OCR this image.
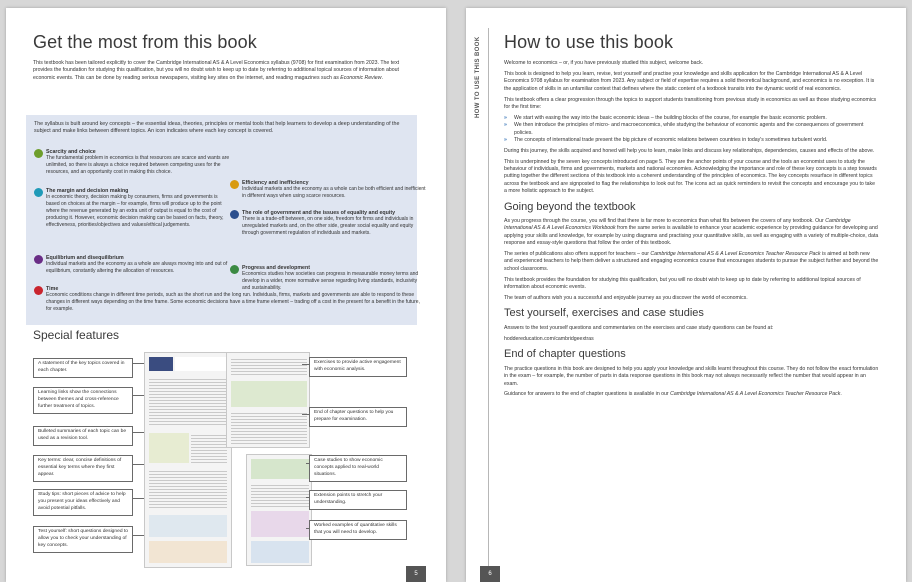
Get the most from this book
This textbook has been tailored explicitly to cover the Cambridge International AS & A Level Economics syllabus (9708) for first examination from 2023. The text provides the foundation for studying this qualification, but you will no doubt wish to keep up to date by referring to additional topical sources of information about economic events. This can be done by reading serious newspapers, visiting key sites on the internet, and reading magazines such as Economic Review.
The syllabus is built around key concepts – the essential ideas, theories, principles or mental tools that help learners to develop a deep understanding of the subject and make links between different topics. An icon indicates where each key concept is covered.
Scarcity and choice
The fundamental problem in economics is that resources are scarce and wants are unlimited, so there is always a choice required between competing uses for the resources, and an opportunity cost in making this choice.
The margin and decision making
In economic theory, decision making by consumers, firms and governments is based on choices at the margin – for example, firms will produce up to the point where the revenue generated by an extra unit of output is equal to the cost of producing it. However, economic decision making can be based on facts, theory, effectiveness, priorities/objectives and values/ethical judgements.
Equilibrium and disequilibrium
Individual markets and the economy as a whole are always moving into and out of equilibrium, constantly altering the allocation of resources.
Time
Economic conditions change in different time periods, such as the short run and the long run. Individuals, firms, markets and governments are able to respond to these changes in different ways depending on the time frame. Some economic decisions have a time frame element – trading off a cost in the present for a benefit in the future, for example.
Efficiency and inefficiency
Individual markets and the economy as a whole can be both efficient and inefficient in different ways when using scarce resources.
The role of government and the issues of equality and equity
There is a trade-off between, on one side, freedom for firms and individuals in unregulated markets and, on the other side, greater social equality and equity through government regulation of individuals and markets.
Progress and development
Economics studies how societies can progress in measurable money terms and develop in a wider, more normative sense regarding living standards, inclusivity and sustainability.
Special features
A statement of the key topics covered in each chapter.
Learning links show the connections between themes and cross-reference further treatment of topics.
Bulleted summaries of each topic can be used as a revision tool.
Key terms: clear, concise definitions of essential key terms where they first appear.
Study tips: short pieces of advice to help you present your ideas effectively and avoid potential pitfalls.
Test yourself: short questions designed to allow you to check your understanding of key concepts.
Exercises to provide active engagement with economic analysis.
End of chapter questions to help you prepare for examination.
Case studies to show economic concepts applied to real-world situations.
Extension points to stretch your understanding.
Worked examples of quantitative skills that you will need to develop.
5
HOW TO USE THIS BOOK How to use this book

Welcome to economics – or, if you have previously studied this subject, welcome back.

This book is designed to help you learn, revise, test yourself and practise your knowledge and skills application for the Cambridge International AS & A Level Economics 9708 syllabus for examination from 2023. Any subject or field of expertise requires a solid theoretical background, and economics is no exception. It is the application of skills in an unfamiliar context that defines where the static content of a textbook transits into the dynamic world of real economics.

This textbook offers a clear progression through the topics to support students transitioning from previous study in economics as well as those studying economics for the first time:

» We start with easing the way into the basic economic ideas – the building blocks of the course, for example the basic economic problem.
» We then introduce the principles of micro- and macroeconomics, while studying the behaviour of economic agents and the consequences of government policies.
» The concepts of international trade present the big picture of economic relations between countries in today's sometimes turbulent world.

During this journey, the skills acquired and honed will help you to learn, make links and discuss key relationships, dependencies, causes and effects of the above.

This is underpinned by the seven key concepts introduced on page 5. They are the anchor points of your course and the tools an economist uses to study the behaviour of individuals, firms and governments, markets and national economies. Acknowledging the importance and role of these key concepts is a step towards putting together the different sections of this textbook into a coherent understanding of the principles of economics. The key concepts resurface in different topics across the textbook and are signposted to flag the relationships to look out for. The icons act as quick reminders to revisit the concepts and encourage you to take a more holistic approach to the subject.

Going beyond the textbook

As you progress through the course, you will find that there is far more to economics than what fits between the covers of any textbook. Our Cambridge International AS & A Level Economics Workbook from the same series is available to enhance your academic experience by providing guidance for developing and applying your skills and knowledge, for example by using diagrams and practising your quantitative skills, as well as engaging with a variety of multiple-choice, data response and essay-style questions that follow the order of this textbook.

The series of publications also offers support for teachers – our Cambridge International AS & A Level Economics Teacher Resource Pack is aimed at both new and experienced teachers to help them deliver a structured and engaging economics course that encourages students to pursue the subject further and beyond the school classrooms.

This textbook provides the foundation for studying this qualification, but you will no doubt wish to keep up to date by referring to additional topical sources of information about economic events.

The team of authors wish you a successful and enjoyable journey as you discover the world of economics.

Test yourself, exercises and case studies

Answers to the test yourself questions and commentaries on the exercises and case study questions can be found at:

hoddereducation.com/cambridgeextras

End of chapter questions

The practice questions in this book are designed to help you apply your knowledge and skills learnt throughout this course. They do not follow the exact formulation in the exam – for example, the number of parts in data response questions in this book may not always necessarily reflect the number that would appear in an exam.

Guidance for answers to the end of chapter questions is available in our Cambridge International AS & A Level Economics Teacher Resource Pack.

6
